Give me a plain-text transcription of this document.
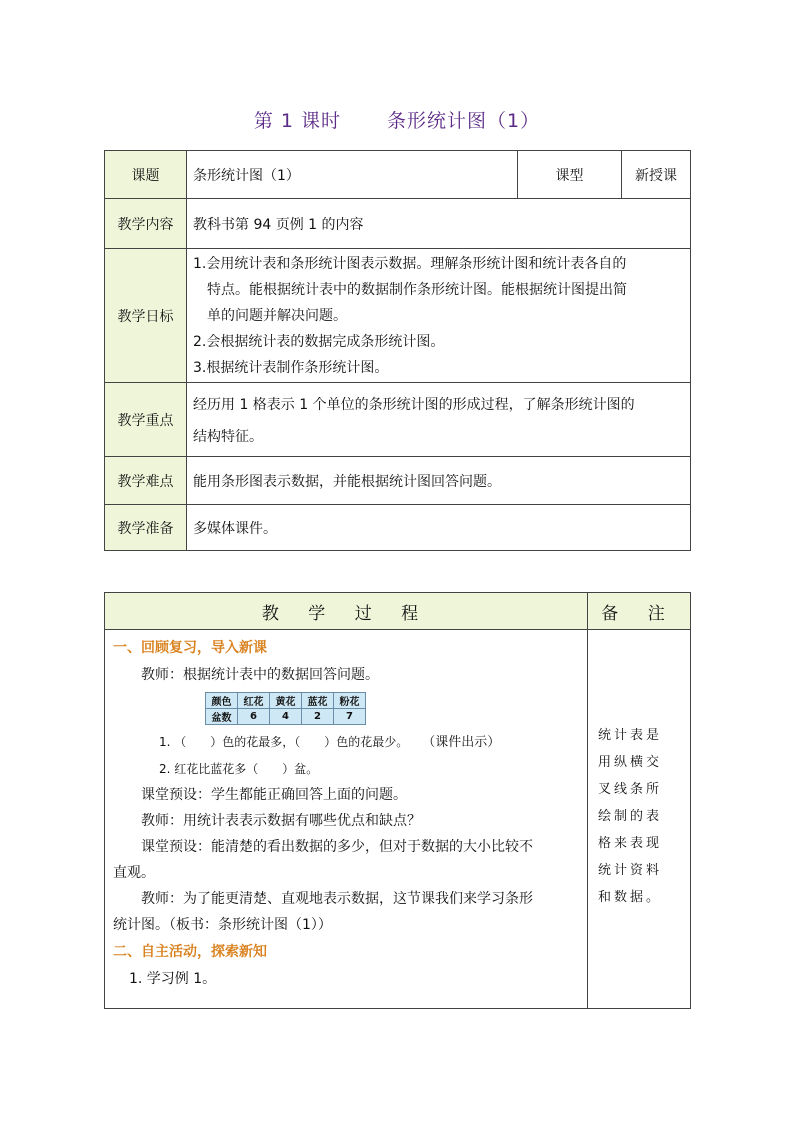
第 1 课时 条形统计图（1）
课题	条形统计图（1）	课型	新授课
教学内容	教科书第 94 页例 1 的内容		
教学日标	1.会用统计表和条形统计图表示数据。理解条形统计图和统计表各自的
特点。能根据统计表中的数据制作条形统计图。能根据统计图提出简
单的问题并解决问题。
2.会根据统计表的数据完成条形统计图。
3.根据统计表制作条形统计图。		

教学重点	经历用 1 格表示 1 个单位的条形统计图的形成过程，了解条形统计图的
结构特征。		

教学难点	能用条形图表示数据，并能根据统计图回答问题。		
教学准备	多媒体课件。		
教 学 过 程	备 注

一、回顾复习，导入新课
教师：根据统计表中的数据回答问题。
颜色	红花	黄花	蓝花	粉花
盆数	6	4	2	7
1. （　　）色的花最多，（　　）色的花最少。 （课件出示）
2. 红花比蓝花多（　　）盆。
课堂预设：学生都能正确回答上面的问题。
教师：用统计表表示数据有哪些优点和缺点？
课堂预设：能清楚的看出数据的多少，但对于数据的大小比较不
直观。
教师：为了能更清楚、直观地表示数据，这节课我们来学习条形
统计图。（板书：条形统计图（1））
二、自主活动，探索新知
1. 学习例 1。

统计表是
用纵横交
叉线条所
绘制的表
格来表现
统计资料
和数据。
